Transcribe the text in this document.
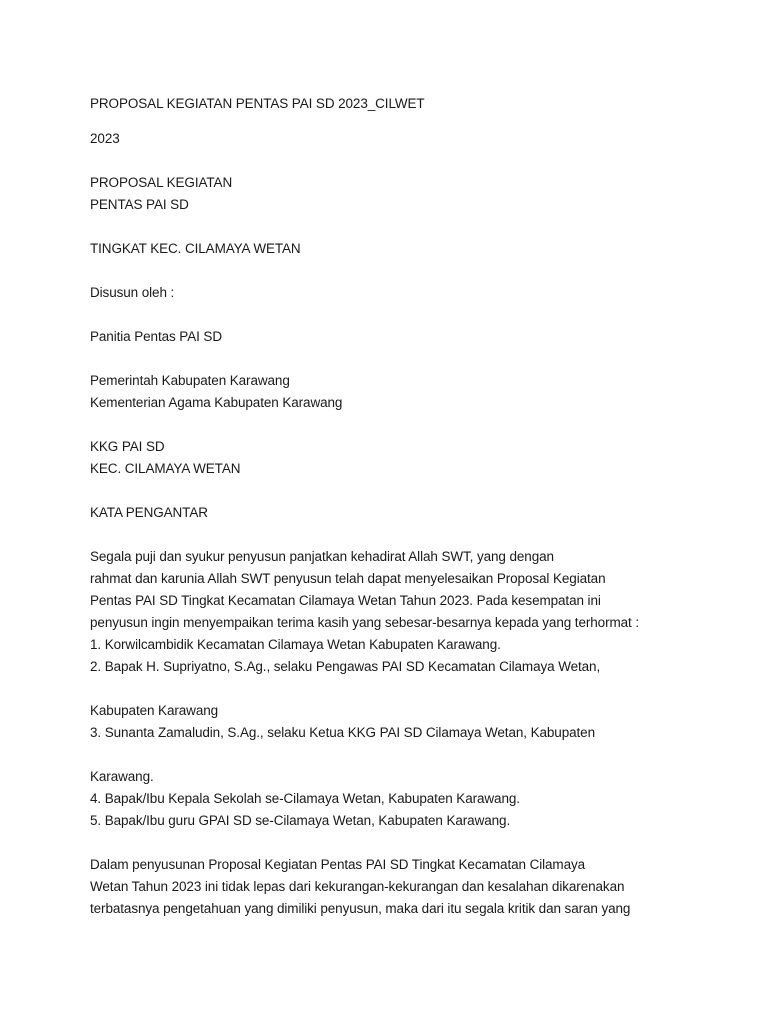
PROPOSAL KEGIATAN PENTAS PAI SD 2023_CILWET
2023
PROPOSAL KEGIATAN
PENTAS PAI SD
TINGKAT KEC. CILAMAYA WETAN
Disusun oleh :
Panitia Pentas PAI SD
Pemerintah Kabupaten Karawang
Kementerian Agama Kabupaten Karawang
KKG PAI SD
KEC. CILAMAYA WETAN
KATA PENGANTAR
Segala puji dan syukur penyusun panjatkan kehadirat Allah SWT, yang dengan
rahmat dan karunia Allah SWT penyusun telah dapat menyelesaikan Proposal Kegiatan
Pentas PAI SD Tingkat Kecamatan Cilamaya Wetan Tahun 2023. Pada kesempatan ini
penyusun ingin menyempaikan terima kasih yang sebesar-besarnya kepada yang terhormat :
1. Korwilcambidik Kecamatan Cilamaya Wetan Kabupaten Karawang.
2. Bapak H. Supriyatno, S.Ag., selaku Pengawas PAI SD Kecamatan Cilamaya Wetan,
Kabupaten Karawang
3. Sunanta Zamaludin, S.Ag., selaku Ketua KKG PAI SD Cilamaya Wetan, Kabupaten
Karawang.
4. Bapak/Ibu Kepala Sekolah se-Cilamaya Wetan, Kabupaten Karawang.
5. Bapak/Ibu guru GPAI SD se-Cilamaya Wetan, Kabupaten Karawang.
Dalam penyusunan Proposal Kegiatan Pentas PAI SD Tingkat Kecamatan Cilamaya
Wetan Tahun 2023 ini tidak lepas dari kekurangan-kekurangan dan kesalahan dikarenakan
terbatasnya pengetahuan yang dimiliki penyusun, maka dari itu segala kritik dan saran yang
